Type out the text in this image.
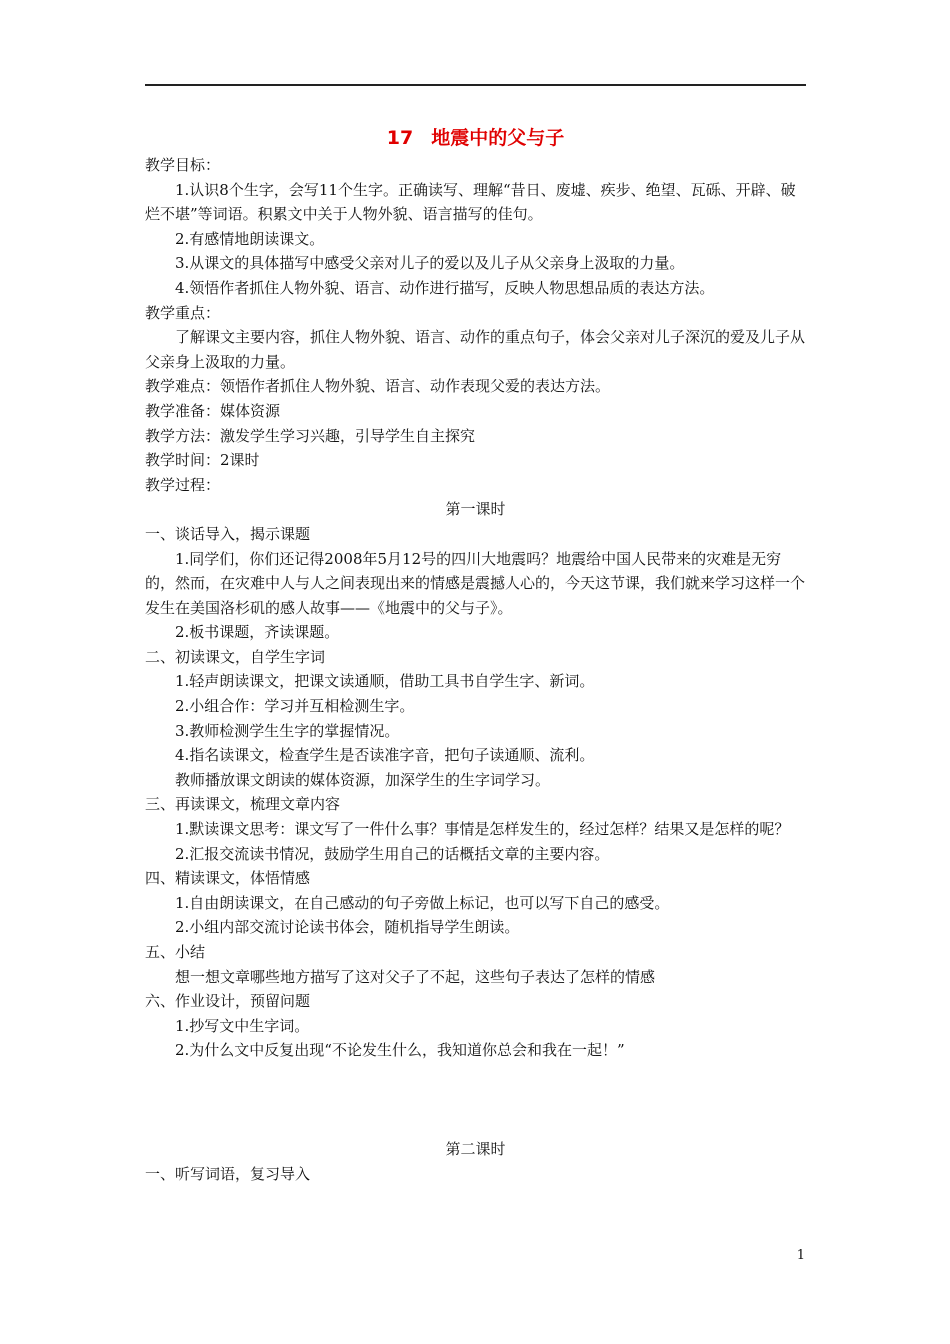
17 地震中的父与子

教学目标：

1.认识8个生字，会写11个生字。正确读写、理解“昔日、废墟、疾步、绝望、瓦砾、开辟、破烂不堪”等词语。积累文中关于人物外貌、语言描写的佳句。

2.有感情地朗读课文。

3.从课文的具体描写中感受父亲对儿子的爱以及儿子从父亲身上汲取的力量。

4.领悟作者抓住人物外貌、语言、动作进行描写，反映人物思想品质的表达方法。

教学重点：

了解课文主要内容，抓住人物外貌、语言、动作的重点句子，体会父亲对儿子深沉的爱及儿子从父亲身上汲取的力量。

教学难点：领悟作者抓住人物外貌、语言、动作表现父爱的表达方法。

教学准备：媒体资源

教学方法：激发学生学习兴趣，引导学生自主探究

教学时间：2课时

教学过程：

第一课时

一、谈话导入，揭示课题

1.同学们，你们还记得2008年5月12号的四川大地震吗？地震给中国人民带来的灾难是无穷的，然而，在灾难中人与人之间表现出来的情感是震撼人心的，今天这节课，我们就来学习这样一个发生在美国洛杉矶的感人故事——《地震中的父与子》。

2.板书课题，齐读课题。

二、初读课文，自学生字词

1.轻声朗读课文，把课文读通顺，借助工具书自学生字、新词。

2.小组合作：学习并互相检测生字。

3.教师检测学生生字的掌握情况。

4.指名读课文，检查学生是否读准字音，把句子读通顺、流利。

教师播放课文朗读的媒体资源，加深学生的生字词学习。

三、再读课文，梳理文章内容

1.默读课文思考：课文写了一件什么事？事情是怎样发生的，经过怎样？结果又是怎样的呢？

2.汇报交流读书情况，鼓励学生用自己的话概括文章的主要内容。

四、精读课文，体悟情感

1.自由朗读课文，在自己感动的句子旁做上标记，也可以写下自己的感受。

2.小组内部交流讨论读书体会，随机指导学生朗读。

五、小结

想一想文章哪些地方描写了这对父子了不起，这些句子表达了怎样的情感

六、作业设计，预留问题

1.抄写文中生字词。

2.为什么文中反复出现“不论发生什么，我知道你总会和我在一起！”

第二课时

一、听写词语，复习导入

1
